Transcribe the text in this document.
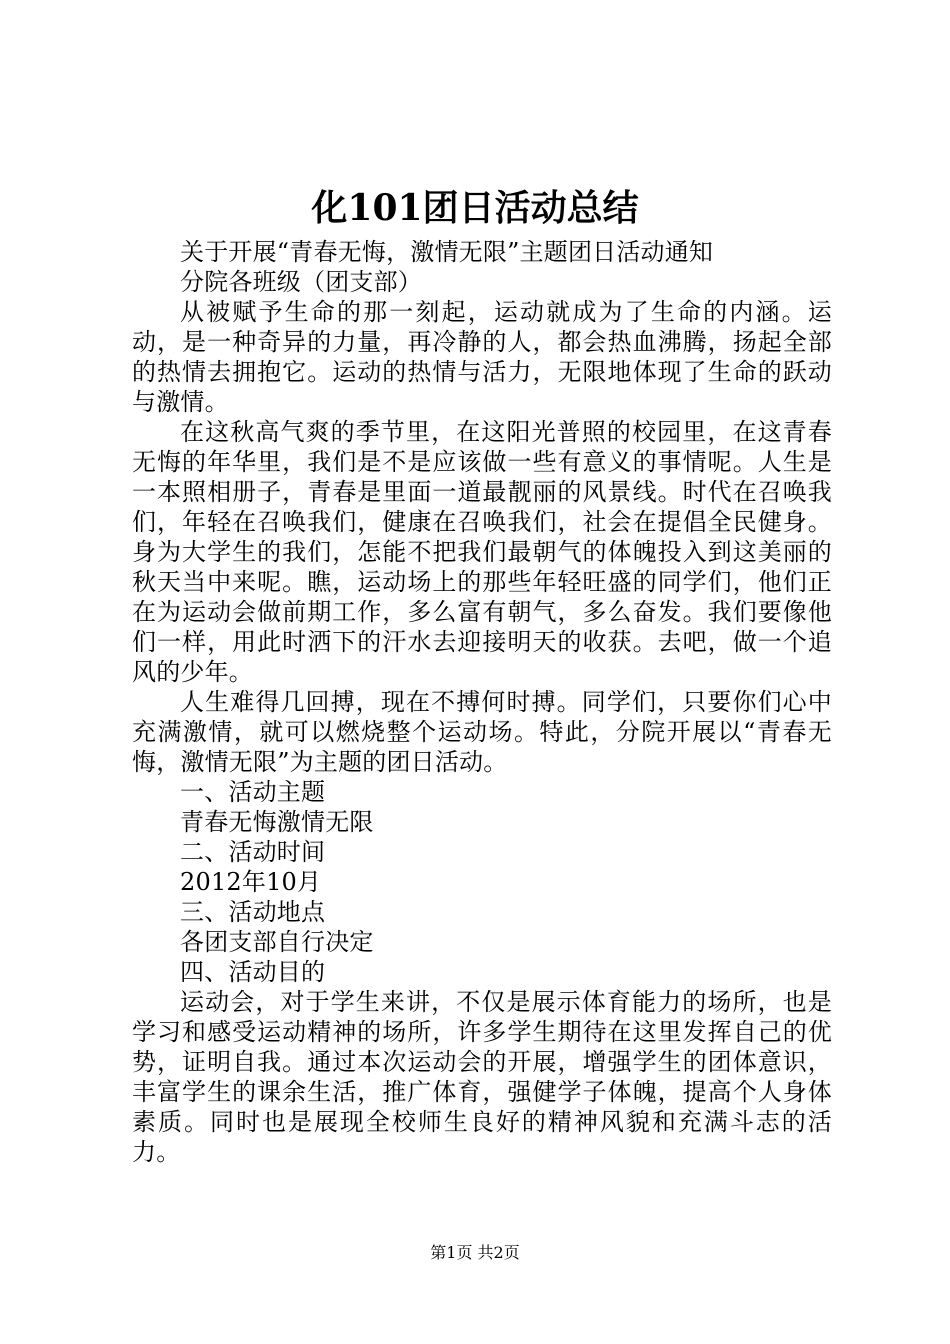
化101团日活动总结

关于开展“青春无悔，激情无限”主题团日活动通知

分院各班级（团支部）

从被赋予生命的那一刻起，运动就成为了生命的内涵。运动，是一种奇异的力量，再冷静的人，都会热血沸腾，扬起全部的热情去拥抱它。运动的热情与活力，无限地体现了生命的跃动与激情。

在这秋高气爽的季节里，在这阳光普照的校园里，在这青春无悔的年华里，我们是不是应该做一些有意义的事情呢。人生是一本照相册子，青春是里面一道最靓丽的风景线。时代在召唤我们，年轻在召唤我们，健康在召唤我们，社会在提倡全民健身。身为大学生的我们，怎能不把我们最朝气的体魄投入到这美丽的秋天当中来呢。瞧，运动场上的那些年轻旺盛的同学们，他们正在为运动会做前期工作，多么富有朝气，多么奋发。我们要像他们一样，用此时洒下的汗水去迎接明天的收获。去吧，做一个追风的少年。

人生难得几回搏，现在不搏何时搏。同学们，只要你们心中充满激情，就可以燃烧整个运动场。特此，分院开展以“青春无悔，激情无限”为主题的团日活动。

一、活动主题

青春无悔激情无限

二、活动时间

2012年10月

三、活动地点

各团支部自行决定

四、活动目的

运动会，对于学生来讲，不仅是展示体育能力的场所，也是学习和感受运动精神的场所，许多学生期待在这里发挥自己的优势，证明自我。通过本次运动会的开展，增强学生的团体意识，丰富学生的课余生活，推广体育，强健学子体魄，提高个人身体素质。同时也是展现全校师生良好的精神风貌和充满斗志的活力。

第1页 共2页
